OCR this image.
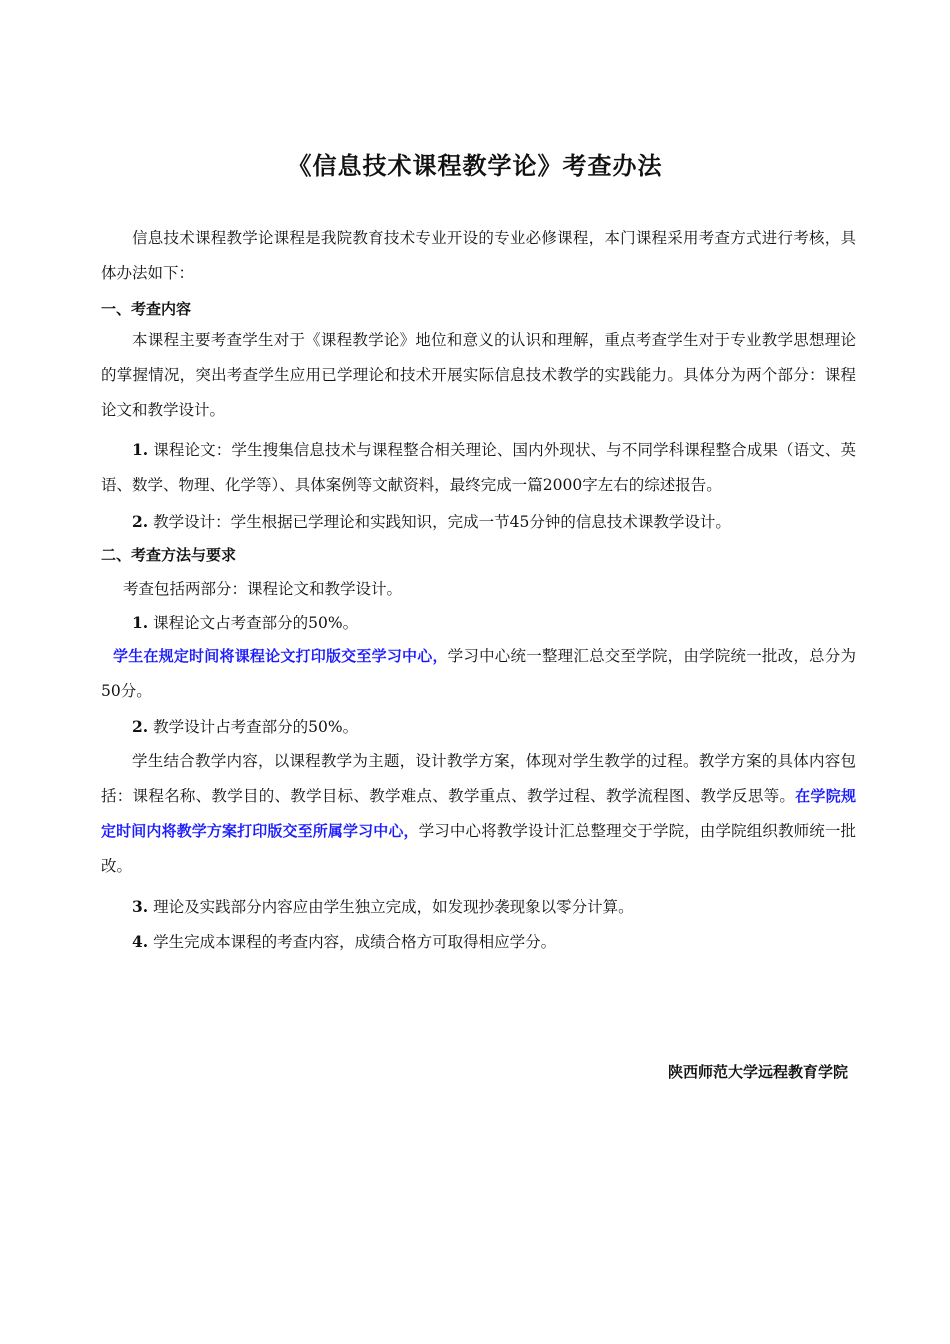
《信息技术课程教学论》考查办法
信息技术课程教学论课程是我院教育技术专业开设的专业必修课程，本门课程采用考查方式进行考核，具体办法如下：
一、考查内容
本课程主要考查学生对于《课程教学论》地位和意义的认识和理解，重点考查学生对于专业教学思想理论的掌握情况，突出考查学生应用已学理论和技术开展实际信息技术教学的实践能力。具体分为两个部分：课程论文和教学设计。
1. 课程论文：学生搜集信息技术与课程整合相关理论、国内外现状、与不同学科课程整合成果（语文、英语、数学、物理、化学等）、具体案例等文献资料，最终完成一篇2000字左右的综述报告。
2. 教学设计：学生根据已学理论和实践知识，完成一节45分钟的信息技术课教学设计。
二、考查方法与要求
考查包括两部分：课程论文和教学设计。
1. 课程论文占考查部分的50%。
学生在规定时间将课程论文打印版交至学习中心，学习中心统一整理汇总交至学院，由学院统一批改，总分为50分。
2. 教学设计占考查部分的50%。
学生结合教学内容，以课程教学为主题，设计教学方案，体现对学生教学的过程。教学方案的具体内容包括：课程名称、教学目的、教学目标、教学难点、教学重点、教学过程、教学流程图、教学反思等。在学院规定时间内将教学方案打印版交至所属学习中心，学习中心将教学设计汇总整理交于学院，由学院组织教师统一批改。
3. 理论及实践部分内容应由学生独立完成，如发现抄袭现象以零分计算。
4. 学生完成本课程的考查内容，成绩合格方可取得相应学分。
陕西师范大学远程教育学院
